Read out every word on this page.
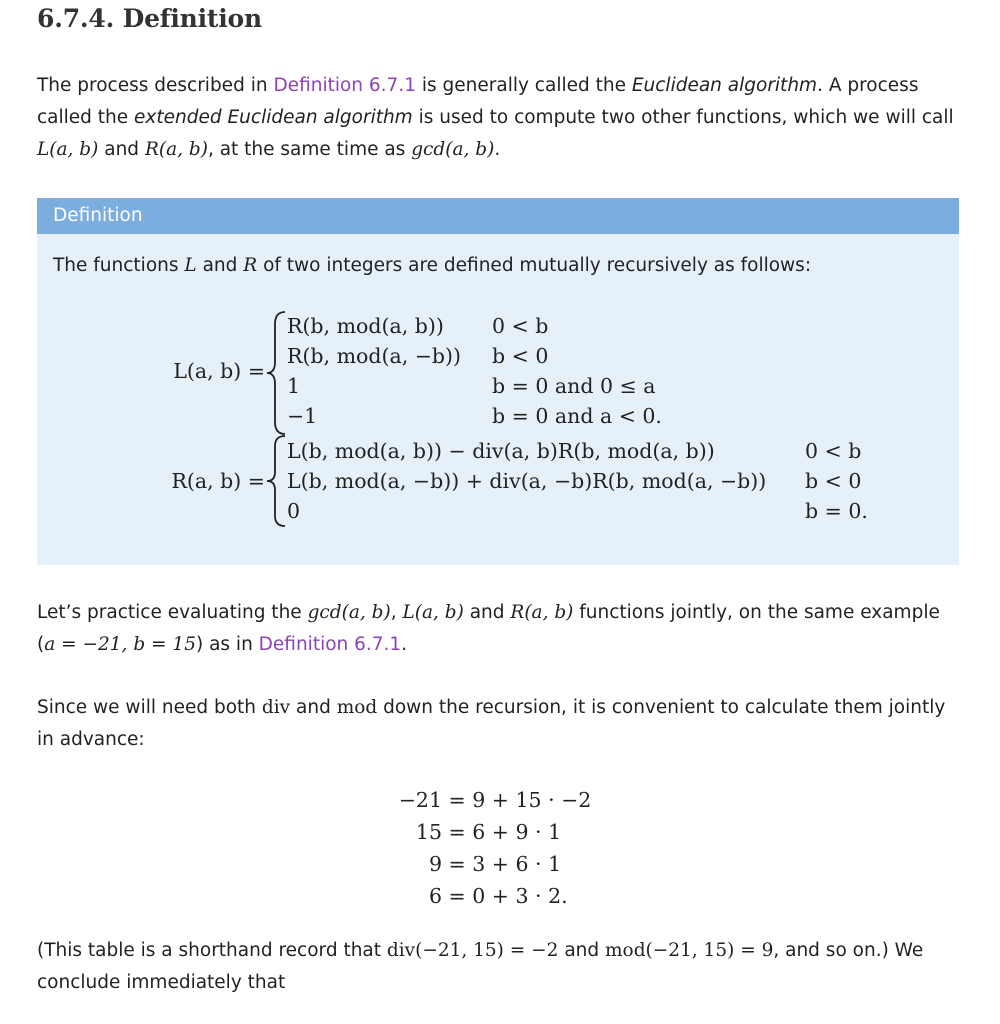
6.7.4. Definition

The process described in Definition 6.7.1 is generally called the Euclidean algorithm. A process called the extended Euclidean algorithm is used to compute two other functions, which we will call L(a, b) and R(a, b), at the same time as gcd(a, b).

Definition
The functions L and R of two integers are defined mutually recursively as follows:
L(a, b) =
R(b, mod(a, b))
R(b, mod(a, −b))
1
−1
0 < b
b < 0
b = 0 and 0 ≤ a
b = 0 and a < 0.
R(a, b) =
L(b, mod(a, b)) − div(a, b)R(b, mod(a, b))
L(b, mod(a, −b)) + div(a, −b)R(b, mod(a, −b))
0
0 < b
b < 0
b = 0.

Let’s practice evaluating the gcd(a, b), L(a, b) and R(a, b) functions jointly, on the same example (a = −21, b = 15) as in Definition 6.7.1.

Since we will need both div and mod down the recursion, it is convenient to calculate them jointly in advance:

−21 = 9 + 15 · −2
15 = 6 + 9 · 1
9 = 3 + 6 · 1
6 = 0 + 3 · 2.

(This table is a shorthand record that div(−21, 15) = −2 and mod(−21, 15) = 9, and so on.) We conclude immediately that
